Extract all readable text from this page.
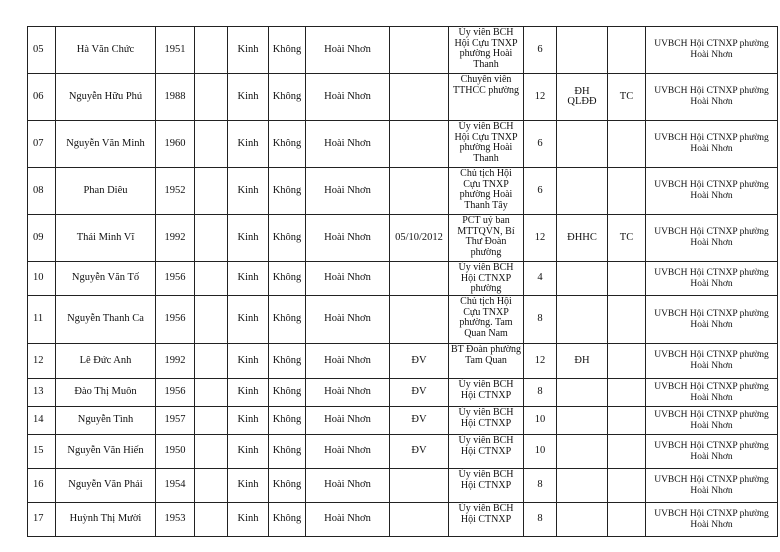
05	Hà Văn Chức	1951		Kinh	Không	Hoài Nhơn		Ủy viên BCH Hội Cựu TNXP phường Hoài Thanh	6			UVBCH Hội CTNXP phường Hoài Nhơn
06	Nguyễn Hữu Phú	1988		Kinh	Không	Hoài Nhơn		Chuyên viên TTHCC phường	12	ĐH QLĐĐ	TC	UVBCH Hội CTNXP phường Hoài Nhơn
07	Nguyễn Văn Minh	1960		Kinh	Không	Hoài Nhơn		Ủy viên BCH Hội Cựu TNXP phường Hoài Thanh	6			UVBCH Hội CTNXP phường Hoài Nhơn
08	Phan Diêu	1952		Kinh	Không	Hoài Nhơn		Chủ tịch Hội Cựu TNXP phường Hoài Thanh Tây	6			UVBCH Hội CTNXP phường Hoài Nhơn
09	Thái Minh Vĩ	1992		Kinh	Không	Hoài Nhơn	05/10/2012	PCT uỷ ban MTTQVN, Bí Thư Đoàn phường	12	ĐHHC	TC	UVBCH Hội CTNXP phường Hoài Nhơn
10	Nguyễn Văn Tố	1956		Kinh	Không	Hoài Nhơn		Ủy viên BCH Hội CTNXP phường	4			UVBCH Hội CTNXP phường Hoài Nhơn
11	Nguyễn Thanh Ca	1956		Kinh	Không	Hoài Nhơn		Chủ tịch Hội Cựu TNXP phường. Tam Quan Nam	8			UVBCH Hội CTNXP phường Hoài Nhơn
12	Lê Đức Anh	1992		Kinh	Không	Hoài Nhơn	ĐV	BT Đoàn phường Tam Quan	12	ĐH		UVBCH Hội CTNXP phường Hoài Nhơn
13	Đào Thị Muôn	1956		Kinh	Không	Hoài Nhơn	ĐV	Ủy viên BCH Hội CTNXP	8			UVBCH Hội CTNXP phường Hoài Nhơn
14	Nguyễn Tình	1957		Kinh	Không	Hoài Nhơn	ĐV	Ủy viên BCH Hội CTNXP	10			UVBCH Hội CTNXP phường Hoài Nhơn
15	Nguyễn Văn Hiến	1950		Kinh	Không	Hoài Nhơn	ĐV	Ủy viên BCH Hội CTNXP	10			UVBCH Hội CTNXP phường Hoài Nhơn
16	Nguyễn Văn Phải	1954		Kinh	Không	Hoài Nhơn		Ủy viên BCH Hội CTNXP	8			UVBCH Hội CTNXP phường Hoài Nhơn
17	Huỳnh Thị Mười	1953		Kinh	Không	Hoài Nhơn		Ủy viên BCH Hội CTNXP	8			UVBCH Hội CTNXP phường Hoài Nhơn
